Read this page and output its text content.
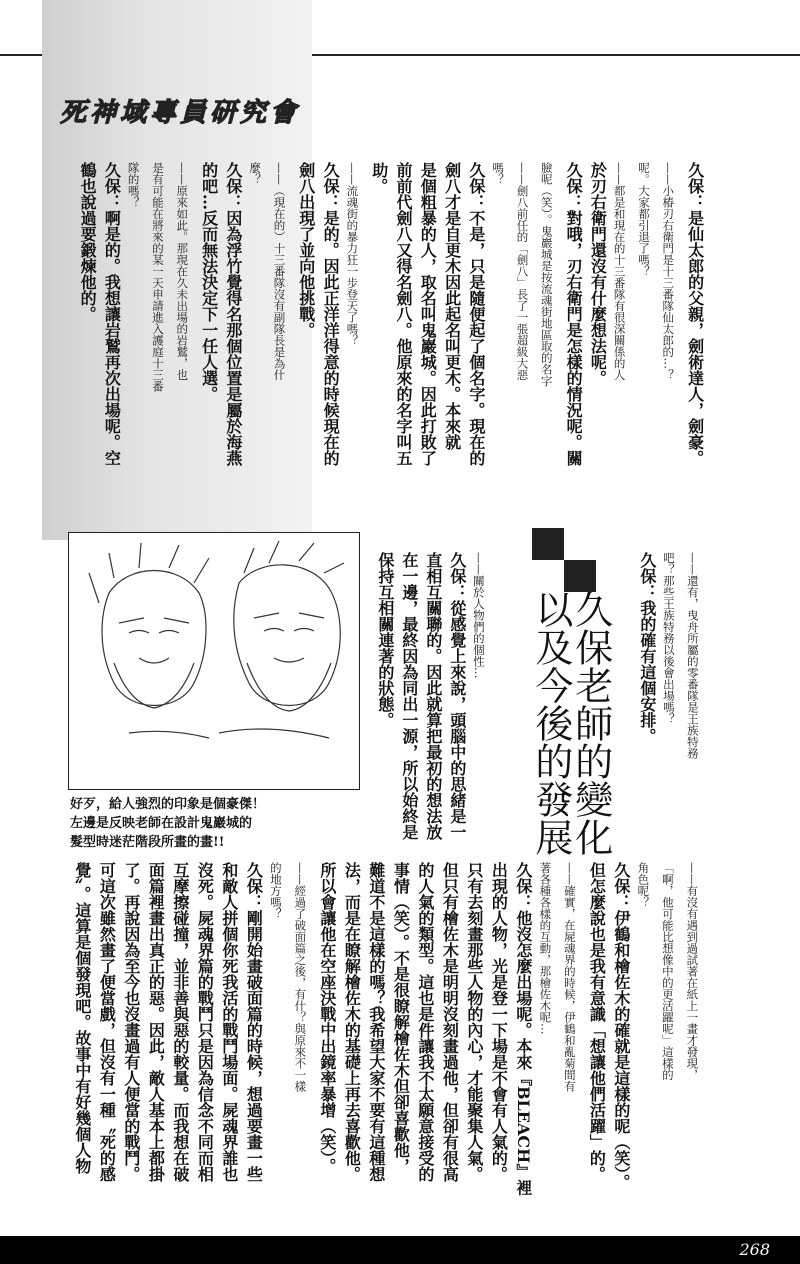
死神域專員研究會
久保：是仙太郎的父親，劍術達人，劍豪。
——小椿刃右衛門是十三番隊仙太郎的…？
呢。大家都引退了嗎？
——都是和現在的十三番隊有很深關係的人
於刃右衛門還沒有什麼想法呢。
久保：對哦，刃右衛門是怎樣的情況呢。關
臉呢（笑）。鬼巖城是按流魂街地區取的名字
——劍八前任的「劍八」長了一張超級大惡
嗎？
久保：不是，只是隨便起了個名字。現在的
劍八才是自更木因此起名叫更木。本來就
是個粗暴的人，取名叫鬼巖城。因此打敗了
前前代劍八又得名劍八。他原來的名字叫五
助。
——流魂街的暴力狂一步登天了嗎？
久保：是的。因此正洋洋得意的時候現在的
劍八出現了並向他挑戰。
——（現在的）十三番隊沒有副隊長是為什
麼？
久保：因為浮竹覺得名那個位置是屬於海燕
的吧…反而無法決定下一任人選。
——原來如此。那現在久未出場的岩鷲，也
是有可能在將來的某一天申請進入護庭十三番
隊的嗎？
久保：啊是的。我想讓岩鷲再次出場呢。空
鶴也說過要鍛煉他的。
——還有，曳舟所屬的零番隊是王族特務
吧？那些王族特務以後會出場嗎？
久保：我的確有這個安排。
——關於人物們的個性…
久保：從感覺上來說，頭腦中的思緒是一
直相互關聯的。因此就算把最初的想法放
在一邊，最終因為同出一源，所以始終是
保持互相關連著的狀態。
——有沒有遇到過試著在紙上一畫才發現，
「啊，他可能比想像中的更活躍呢」這樣的
角色呢？
久保：伊鶴和檜佐木的確就是這樣的呢（笑）。
但怎麼說也是我有意識「想讓他們活躍」的。
——確實，在屍魂界的時候，伊鶴和亂菊間有
著各種各樣的互動，那檜佐木呢…
久保：他沒怎麼出場呢。本來『BLEACH』裡
出現的人物，光是登一下場是不會有人氣的。
只有去刻畫那些人物的內心，才能聚集人氣。
但只有檜佐木是明明沒刻畫過他，但卻有很高
的人氣的類型。這也是件讓我不太願意接受的
事情（笑）。不是很瞭解檜佐木但卻喜歡他，
難道不是這樣的嗎？我希望大家不要有這種想
法，而是在瞭解檜佐木的基礎上再去喜歡他。
所以會讓他在空座決戰中出鏡率暴增（笑）。
——經過了破面篇之後，有什？與原來不一樣
的地方嗎？
久保：剛開始畫破面篇的時候，想過要畫一些
和敵人拼個你死我活的戰鬥場面。屍魂界誰也
沒死。屍魂界篇的戰鬥只是因為信念不同而相
互摩擦碰撞，並非善與惡的較量。而我想在破
面篇裡畫出真正的惡。因此，敵人基本上都掛
了。再說因為至今也沒畫過有人便當的戰鬥。
可這次雖然畫了便當戲，但沒有一種〝死的感
覺〞。這算是個發現吧。故事中有好幾個人物
久保老師的變化
以及今後的發展
好歹，給人強烈的印象是個豪傑！
左邊是反映老師在設計鬼巖城的
髮型時迷茫階段所畫的畫!!
268
